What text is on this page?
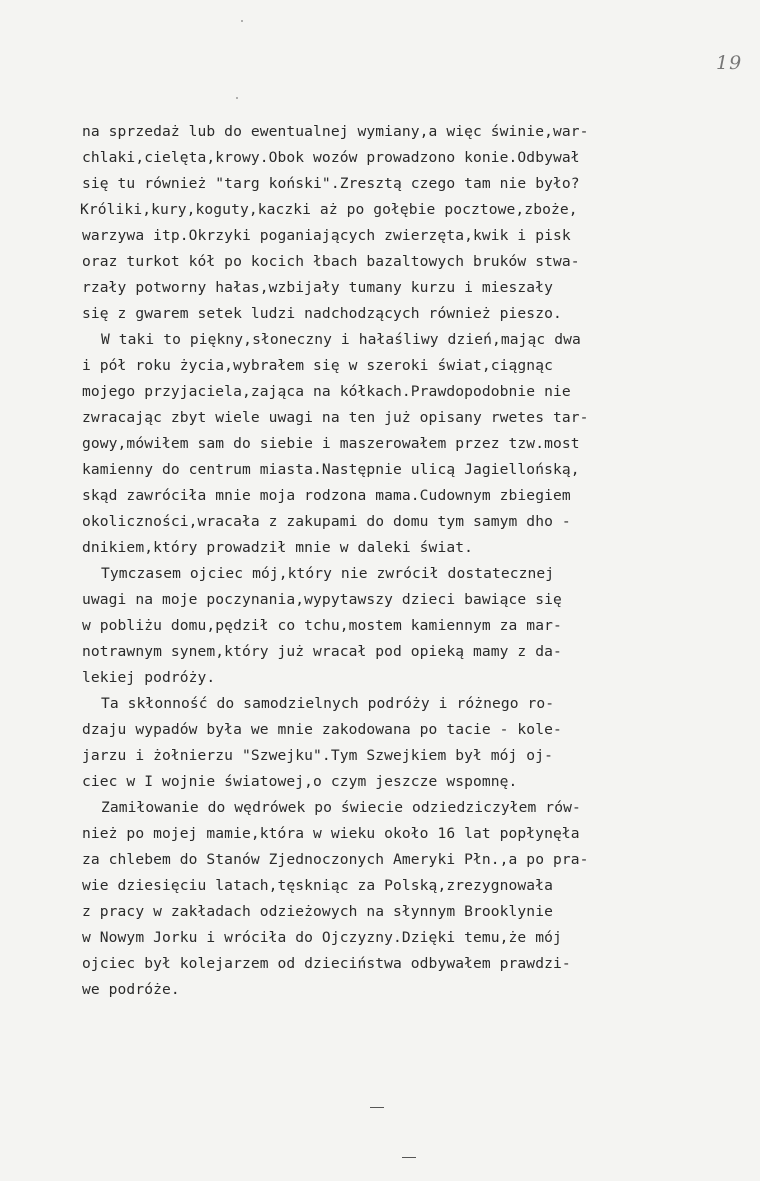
19
na sprzedaż lub do ewentualnej wymiany,a więc świnie,war-
chlaki,cielęta,krowy.Obok wozów prowadzono konie.Odbywał
się tu również "targ koński".Zresztą czego tam nie było?
Króliki,kury,koguty,kaczki aż po gołębie pocztowe,zboże,
warzywa itp.Okrzyki poganiających zwierzęta,kwik i pisk
oraz turkot kół po kocich łbach bazaltowych bruków stwa-
rzały potworny hałas,wzbijały tumany kurzu i mieszały
się z gwarem setek ludzi nadchodzących również pieszo.
W taki to piękny,słoneczny i hałaśliwy dzień,mając dwa
i pół roku życia,wybrałem się w szeroki świat,ciągnąc
mojego przyjaciela,zająca na kółkach.Prawdopodobnie nie
zwracając zbyt wiele uwagi na ten już opisany rwetes tar-
gowy,mówiłem sam do siebie i maszerowałem przez tzw.most
kamienny do centrum miasta.Następnie ulicą Jagiellońską,
skąd zawróciła mnie moja rodzona mama.Cudownym zbiegiem
okoliczności,wracała z zakupami do domu tym samym dho -
dnikiem,który prowadził mnie w daleki świat.
Tymczasem ojciec mój,który nie zwrócił dostatecznej
uwagi na moje poczynania,wypytawszy dzieci bawiące się
w pobliżu domu,pędził co tchu,mostem kamiennym za mar-
notrawnym synem,który już wracał pod opieką mamy z da-
lekiej podróży.
Ta skłonność do samodzielnych podróży i różnego ro-
dzaju wypadów była we mnie zakodowana po tacie - kole-
jarzu i żołnierzu "Szwejku".Tym Szwejkiem był mój oj-
ciec w I wojnie światowej,o czym jeszcze wspomnę.
Zamiłowanie do wędrówek po świecie odziedziczyłem rów-
nież po mojej mamie,która w wieku około 16 lat popłynęła
za chlebem do Stanów Zjednoczonych Ameryki Płn.,a po pra-
wie dziesięciu latach,tęskniąc za Polską,zrezygnowała
z pracy w zakładach odzieżowych na słynnym Brooklynie
w Nowym Jorku i wróciła do Ojczyzny.Dzięki temu,że mój
ojciec był kolejarzem od dzieciństwa odbywałem prawdzi-
we podróże.
